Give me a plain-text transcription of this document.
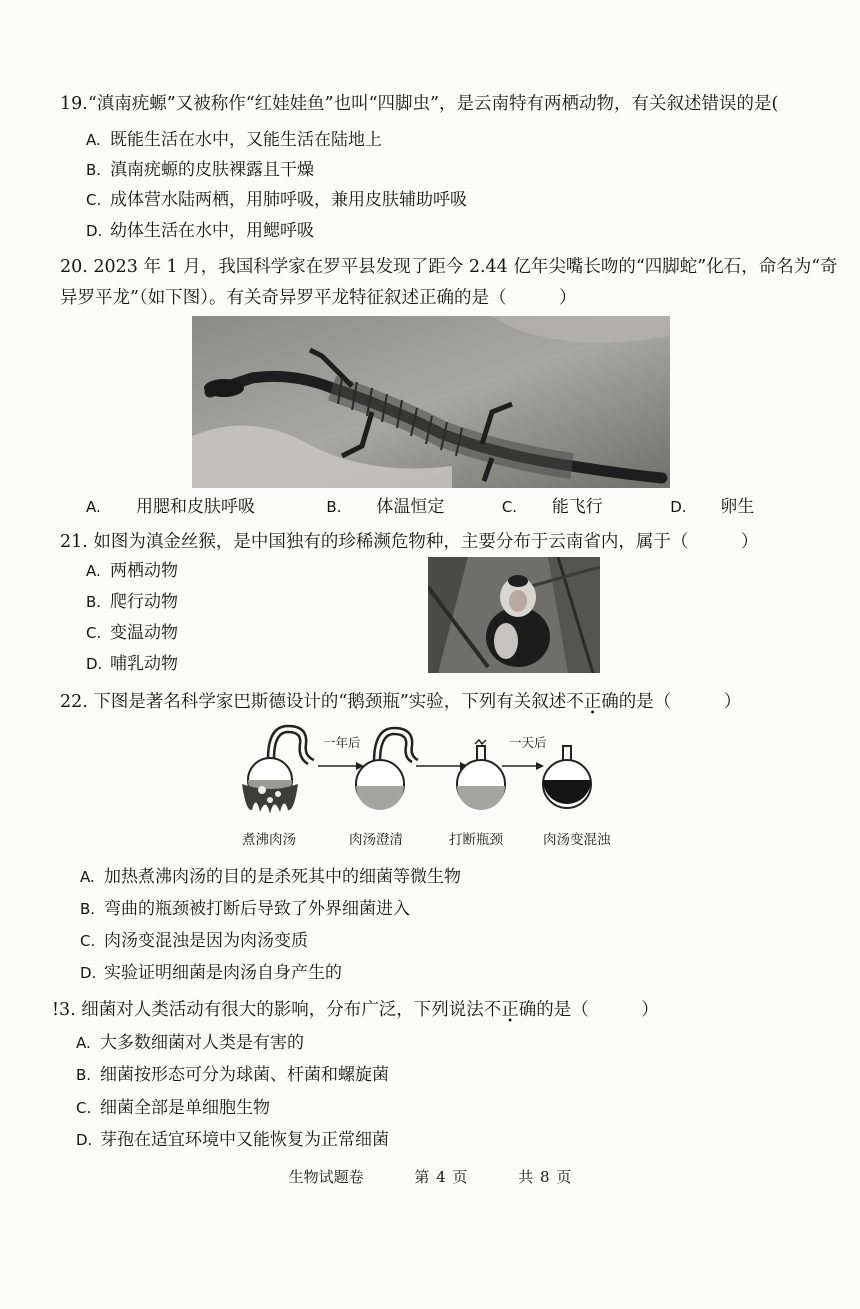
19.“滇南疣螈”又被称作“红娃娃鱼”也叫“四脚虫”，是云南特有两栖动物，有关叙述错误的是(
A. 既能生活在水中，又能生活在陆地上
B. 滇南疣螈的皮肤裸露且干燥
C. 成体营水陆两栖，用肺呼吸，兼用皮肤辅助呼吸
D. 幼体生活在水中，用鳃呼吸
20. 2023 年 1 月，我国科学家在罗平县发现了距今 2.44 亿年尖嘴长吻的“四脚蛇”化石，命名为“奇
异罗平龙”（如下图）。有关奇异罗平龙特征叙述正确的是（　　　）
A. 用腮和皮肤呼吸	B. 体温恒定	C. 能飞行	D. 卵生
21. 如图为滇金丝猴，是中国独有的珍稀濒危物种，主要分布于云南省内，属于（　　　）
A. 两栖动物
B. 爬行动物
C. 变温动物
D. 哺乳动物
22. 下图是著名科学家巴斯德设计的“鹅颈瓶”实验，下列有关叙述不正确的是（　　　）
一年后	一天后
煮沸肉汤	肉汤澄清	打断瓶颈	肉汤变混浊
A. 加热煮沸肉汤的目的是杀死其中的细菌等微生物
B. 弯曲的瓶颈被打断后导致了外界细菌进入
C. 肉汤变混浊是因为肉汤变质
D. 实验证明细菌是肉汤自身产生的
!3. 细菌对人类活动有很大的影响，分布广泛，下列说法不正确的是（　　　）
A. 大多数细菌对人类是有害的
B. 细菌按形态可分为球菌、杆菌和螺旋菌
C. 细菌全部是单细胞生物
D. 芽孢在适宜环境中又能恢复为正常细菌
生物试题卷	第 4 页	共 8 页
